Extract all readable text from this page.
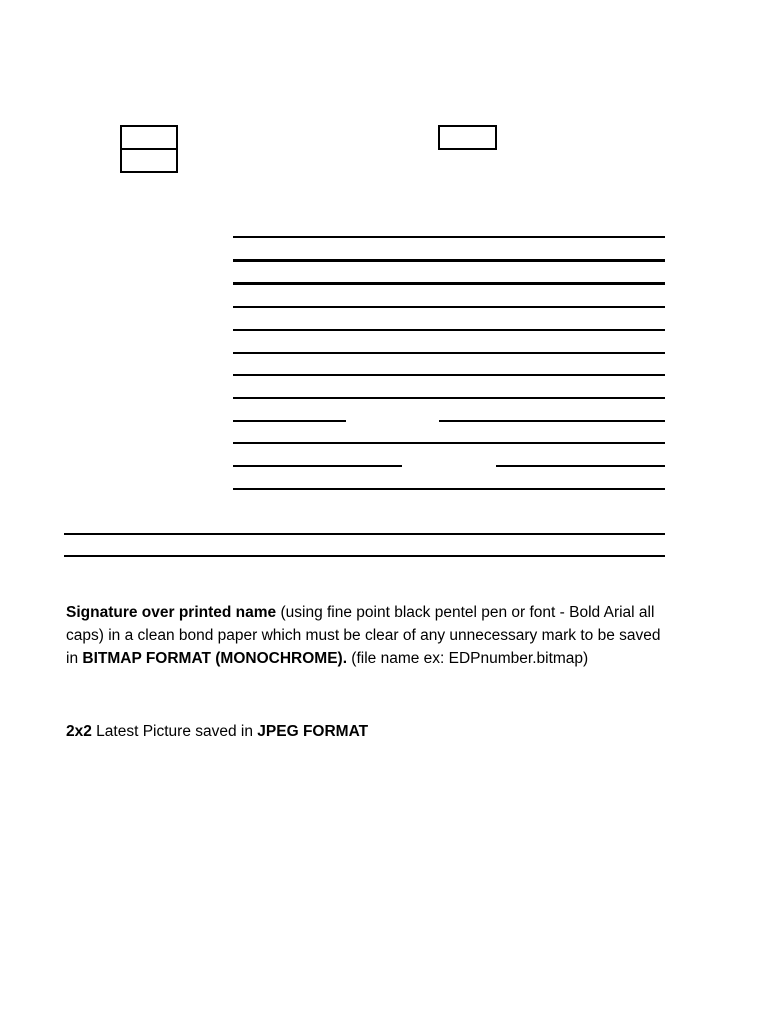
Signature over printed name (using fine point black pentel pen or font - Bold Arial all caps) in a clean bond paper which must be clear of any unnecessary mark to be saved in BITMAP FORMAT (MONOCHROME). (file name ex: EDPnumber.bitmap)

2x2 Latest Picture saved in JPEG FORMAT
